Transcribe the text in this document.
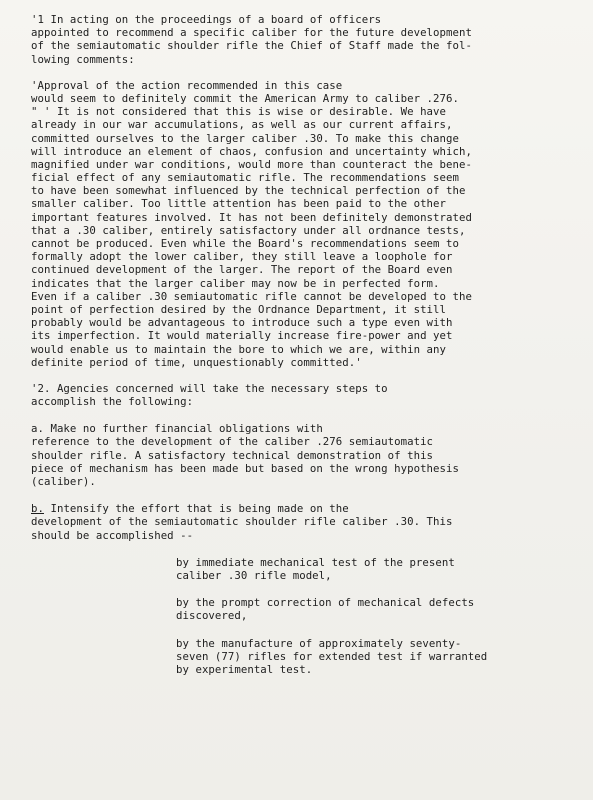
'1 In acting on the proceedings of a board of officers
appointed to recommend a specific caliber for the future development
of the semiautomatic shoulder rifle the Chief of Staff made the fol-
lowing comments:
'Approval of the action recommended in this case
would seem to definitely commit the American Army to caliber .276.
" ' It is not considered that this is wise or desirable. We have
already in our war accumulations, as well as our current affairs,
committed ourselves to the larger caliber .30. To make this change
will introduce an element of chaos, confusion and uncertainty which,
magnified under war conditions, would more than counteract the bene-
ficial effect of any semiautomatic rifle. The recommendations seem
to have been somewhat influenced by the technical perfection of the
smaller caliber. Too little attention has been paid to the other
important features involved. It has not been definitely demonstrated
that a .30 caliber, entirely satisfactory under all ordnance tests,
cannot be produced. Even while the Board's recommendations seem to
formally adopt the lower caliber, they still leave a loophole for
continued development of the larger. The report of the Board even
indicates that the larger caliber may now be in perfected form.
Even if a caliber .30 semiautomatic rifle cannot be developed to the
point of perfection desired by the Ordnance Department, it still
probably would be advantageous to introduce such a type even with
its imperfection. It would materially increase fire-power and yet
would enable us to maintain the bore to which we are, within any
definite period of time, unquestionably committed.'
'2. Agencies concerned will take the necessary steps to
accomplish the following:
a. Make no further financial obligations with
reference to the development of the caliber .276 semiautomatic
shoulder rifle. A satisfactory technical demonstration of this
piece of mechanism has been made but based on the wrong hypothesis
(caliber).
b. Intensify the effort that is being made on the
development of the semiautomatic shoulder rifle caliber .30. This
should be accomplished --
by immediate mechanical test of the present
caliber .30 rifle model,
by the prompt correction of mechanical defects
discovered,
by the manufacture of approximately seventy-
seven (77) rifles for extended test if warranted
by experimental test.
